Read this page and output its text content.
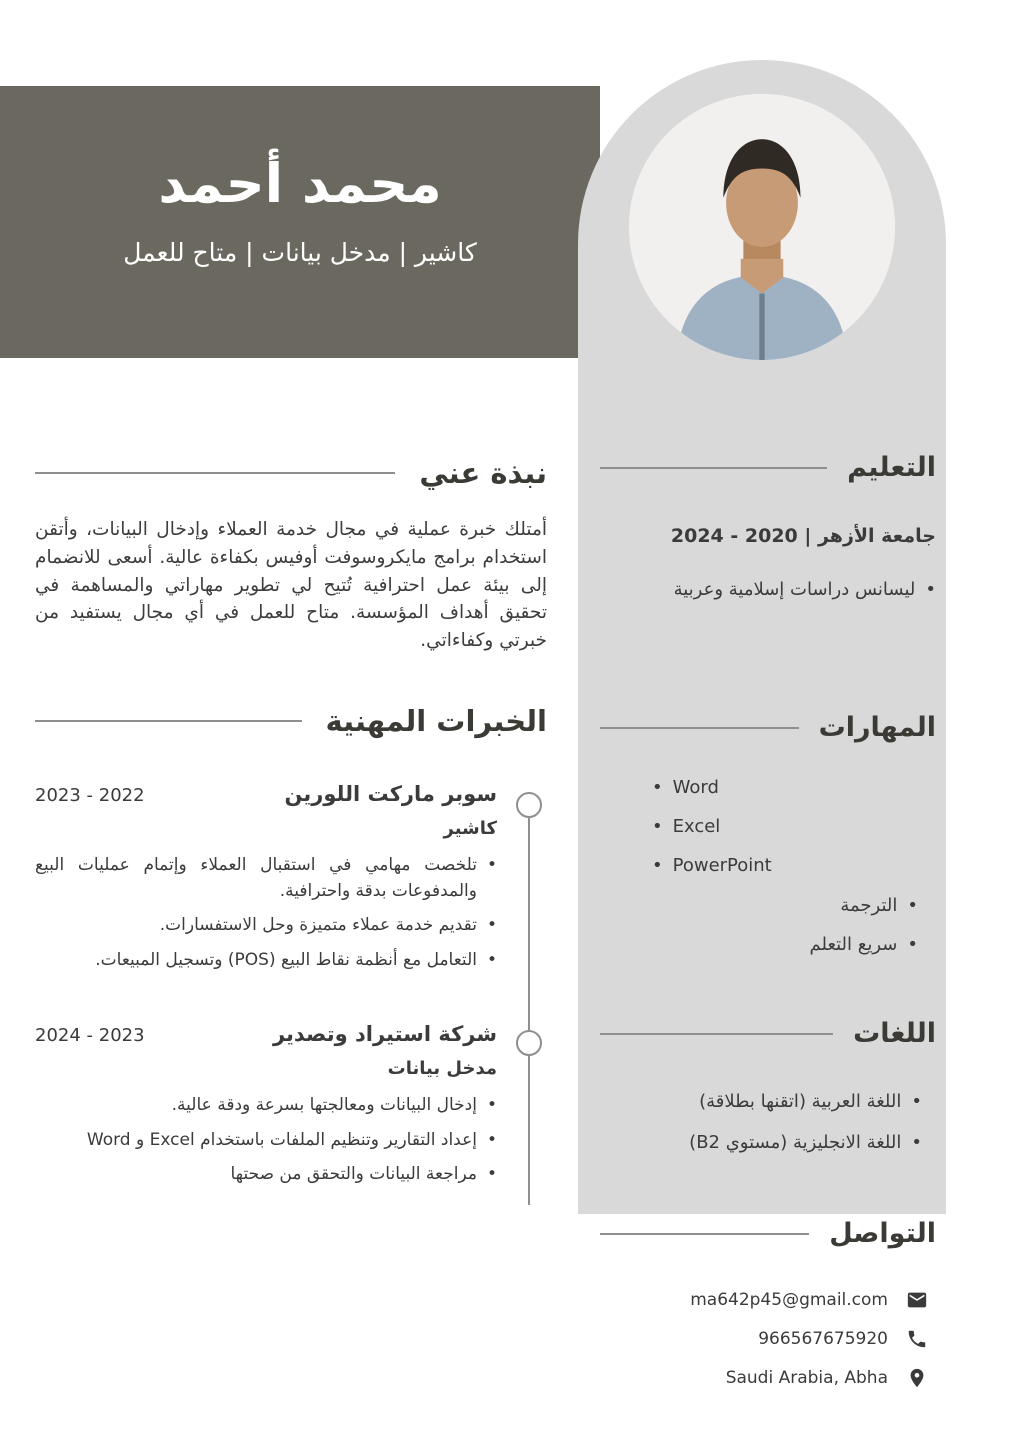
محمد أحمد

كاشير | مدخل بيانات | متاح للعمل

نبذة عني

أمتلك خبرة عملية في مجال خدمة العملاء وإدخال البيانات، وأتقن استخدام برامج مايكروسوفت أوفيس بكفاءة عالية. أسعى للانضمام إلى بيئة عمل احترافية تُتيح لي تطوير مهاراتي والمساهمة في تحقيق أهداف المؤسسة. متاح للعمل في أي مجال يستفيد من خبرتي وكفاءاتي.

الخبرات المهنية
سوبر ماركت اللورين
2022 - 2023
كاشير
•
تلخصت مهامي في استقبال العملاء وإتمام عمليات البيع والمدفوعات بدقة واحترافية.
•
تقديم خدمة عملاء متميزة وحل الاستفسارات.
•
التعامل مع أنظمة نقاط البيع (POS) وتسجيل المبيعات.
شركة استيراد وتصدير
2023 - 2024
مدخل بيانات
•
إدخال البيانات ومعالجتها بسرعة ودقة عالية.
•
إعداد التقارير وتنظيم الملفات باستخدام Excel و Word
•
مراجعة البيانات والتحقق من صحتها
التعليم
جامعة الأزهر | 2020 - 2024
•
ليسانس دراسات إسلامية وعربية
المهارات
•
Word
•
Excel
•
PowerPoint
•
الترجمة
•
سريع التعلم
اللغات
•
اللغة العربية (اتقنها بطلاقة)
•
اللغة الانجليزية (مستوي B2)
التواصل
ma642p45@gmail.com
966567675920
Saudi Arabia, Abha
